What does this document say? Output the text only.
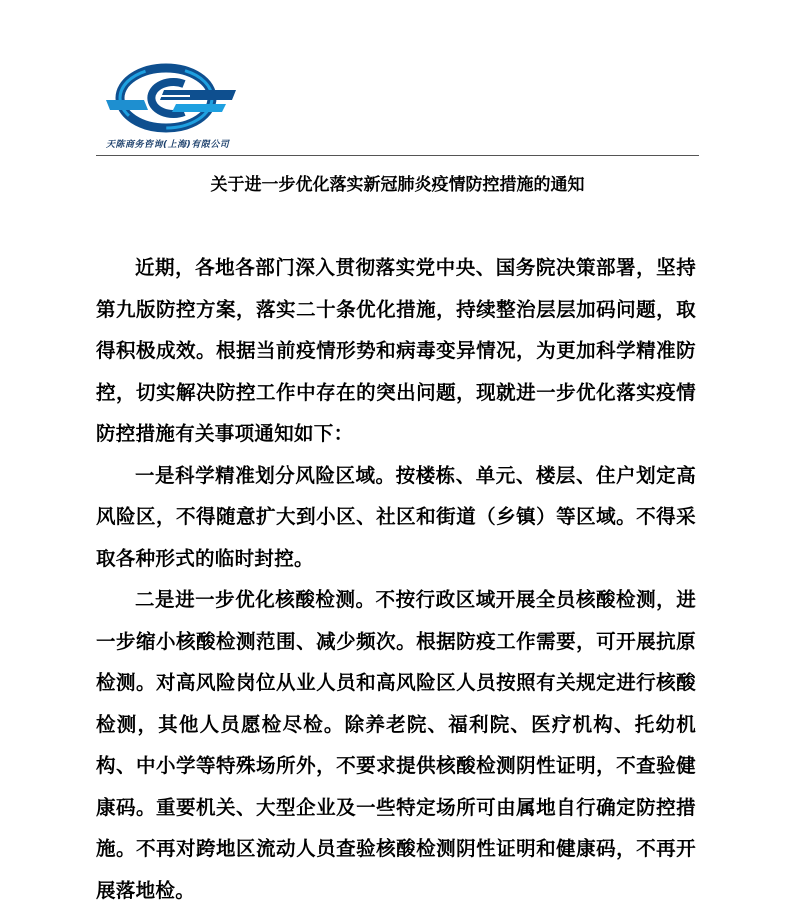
天陈商务咨询(上海)有限公司
关于进一步优化落实新冠肺炎疫情防控措施的通知

近期，各地各部门深入贯彻落实党中央、国务院决策部署，坚持第九版防控方案，落实二十条优化措施，持续整治层层加码问题，取得积极成效。根据当前疫情形势和病毒变异情况，为更加科学精准防控，切实解决防控工作中存在的突出问题，现就进一步优化落实疫情防控措施有关事项通知如下：

一是科学精准划分风险区域。按楼栋、单元、楼层、住户划定高风险区，不得随意扩大到小区、社区和街道（乡镇）等区域。不得采取各种形式的临时封控。

二是进一步优化核酸检测。不按行政区域开展全员核酸检测，进一步缩小核酸检测范围、减少频次。根据防疫工作需要，可开展抗原检测。对高风险岗位从业人员和高风险区人员按照有关规定进行核酸检测，其他人员愿检尽检。除养老院、福利院、医疗机构、托幼机构、中小学等特殊场所外，不要求提供核酸检测阴性证明，不查验健康码。重要机关、大型企业及一些特定场所可由属地自行确定防控措施。不再对跨地区流动人员查验核酸检测阴性证明和健康码，不再开展落地检。
